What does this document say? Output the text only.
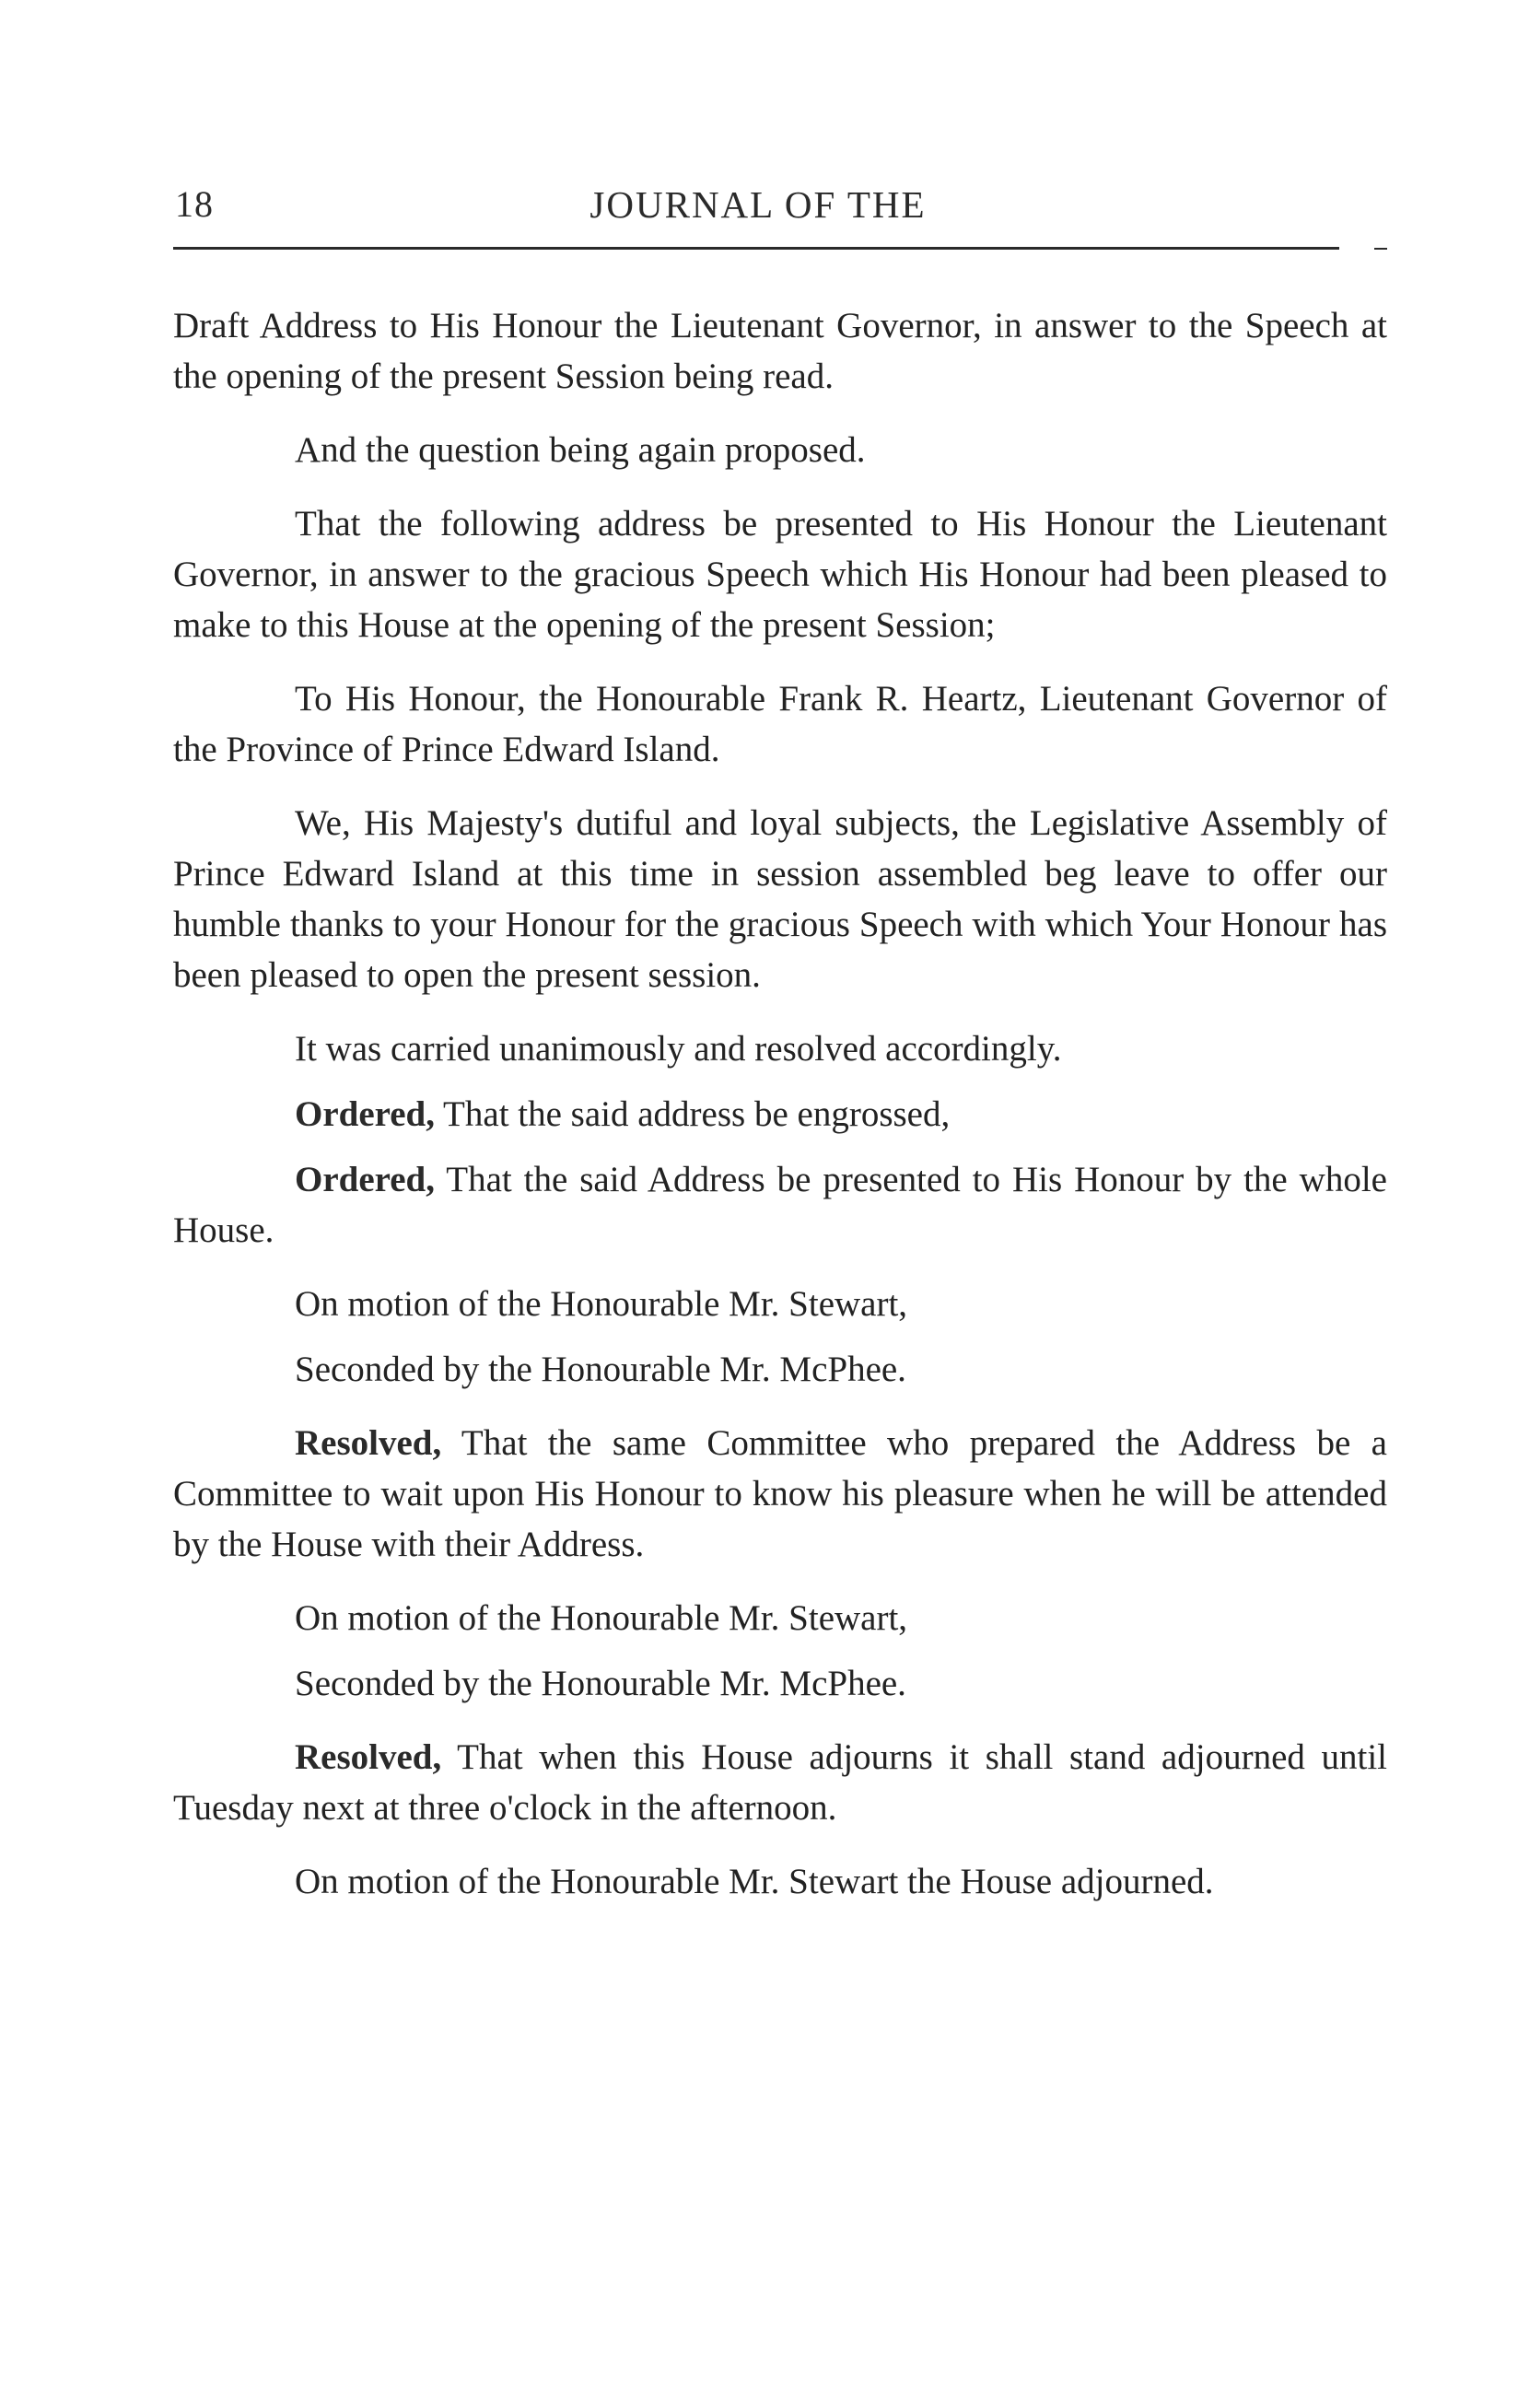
18	JOURNAL OF THE

Draft Address to His Honour the Lieutenant Governor, in answer to the Speech at the opening of the present Session being read.

And the question being again proposed.

That the following address be presented to His Honour the Lieutenant Governor, in answer to the gracious Speech which His Honour had been pleased to make to this House at the opening of the present Session;

To His Honour, the Honourable Frank R. Heartz, Lieutenant Governor of the Province of Prince Edward Island.

We, His Majesty's dutiful and loyal subjects, the Legislative Assembly of Prince Edward Island at this time in session assembled beg leave to offer our humble thanks to your Honour for the gracious Speech with which Your Honour has been pleased to open the present session.

It was carried unanimously and resolved accordingly.

Ordered, That the said address be engrossed,

Ordered, That the said Address be presented to His Honour by the whole House.

On motion of the Honourable Mr. Stewart,

Seconded by the Honourable Mr. McPhee.

Resolved, That the same Committee who prepared the Address be a Committee to wait upon His Honour to know his pleasure when he will be attended by the House with their Address.

On motion of the Honourable Mr. Stewart,

Seconded by the Honourable Mr. McPhee.

Resolved, That when this House adjourns it shall stand adjourned until Tuesday next at three o'clock in the afternoon.

On motion of the Honourable Mr. Stewart the House adjourned.
